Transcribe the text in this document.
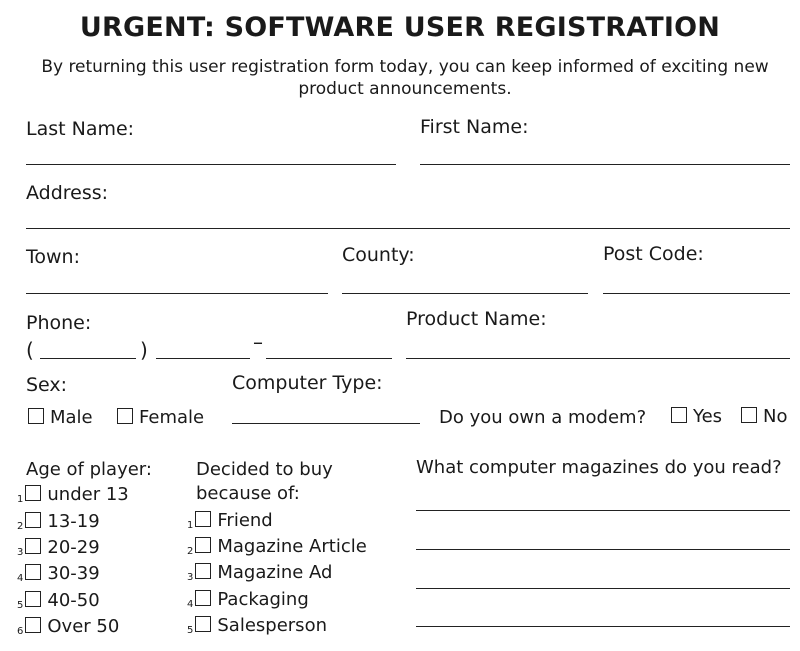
URGENT: SOFTWARE USER REGISTRATION
By returning this user registration form today, you can keep informed of exciting new product announcements.
Last Name:	First Name:
Address:
Town:	County:	Post Code:
Phone:
(	)	–
Product Name:
Sex:	Computer Type:
Male	Female	Do you own a modem?	Yes	No
Age of player:
1 under 13
2 13-19
3 20-29
4 30-39
5 40-50
6 Over 50
Decided to buy
because of:
1 Friend
2 Magazine Article
3 Magazine Ad
4 Packaging
5 Salesperson
What computer magazines do you read?
